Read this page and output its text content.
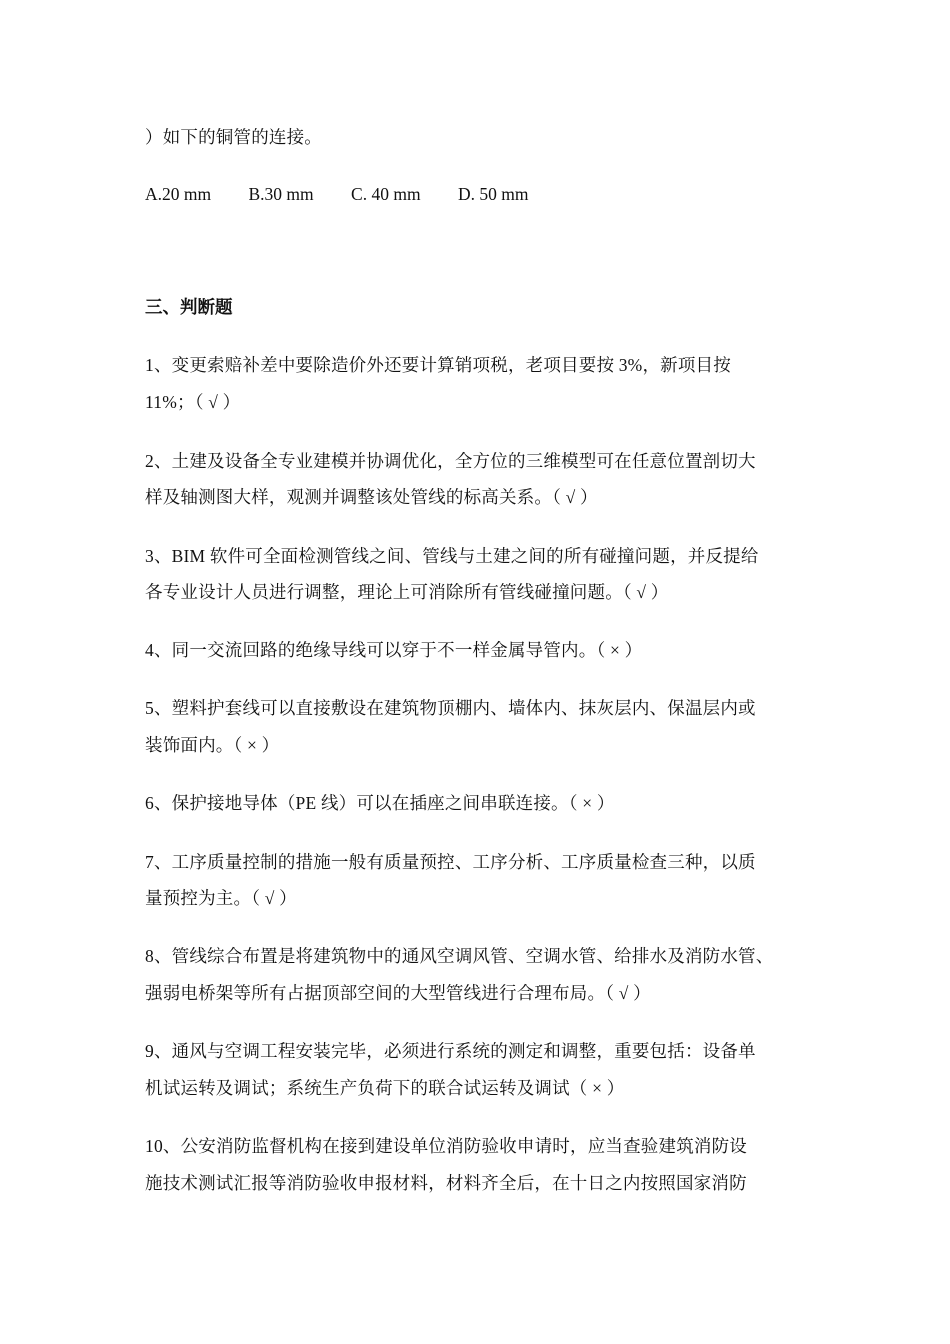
）如下的铜管的连接。
A.20 mm B.30 mm C. 40 mm D. 50 mm
三、判断题
1、变更索赔补差中要除造价外还要计算销项税，老项目要按 3%，新项目按
11%；（ √ ）
2、土建及设备全专业建模并协调优化，全方位的三维模型可在任意位置剖切大
样及轴测图大样，观测并调整该处管线的标高关系。（ √ ）
3、BIM 软件可全面检测管线之间、管线与土建之间的所有碰撞问题，并反提给
各专业设计人员进行调整，理论上可消除所有管线碰撞问题。（ √ ）
4、同一交流回路的绝缘导线可以穿于不一样金属导管内。（ × ）
5、塑料护套线可以直接敷设在建筑物顶棚内、墙体内、抹灰层内、保温层内或
装饰面内。（ × ）
6、保护接地导体（PE 线）可以在插座之间串联连接。（ × ）
7、工序质量控制的措施一般有质量预控、工序分析、工序质量检查三种，以质
量预控为主。（ √ ）
8、管线综合布置是将建筑物中的通风空调风管、空调水管、给排水及消防水管、
强弱电桥架等所有占据顶部空间的大型管线进行合理布局。（ √ ）
9、通风与空调工程安装完毕，必须进行系统的测定和调整，重要包括：设备单
机试运转及调试；系统生产负荷下的联合试运转及调试（ × ）
10、公安消防监督机构在接到建设单位消防验收申请时，应当查验建筑消防设
施技术测试汇报等消防验收申报材料，材料齐全后，在十日之内按照国家消防
